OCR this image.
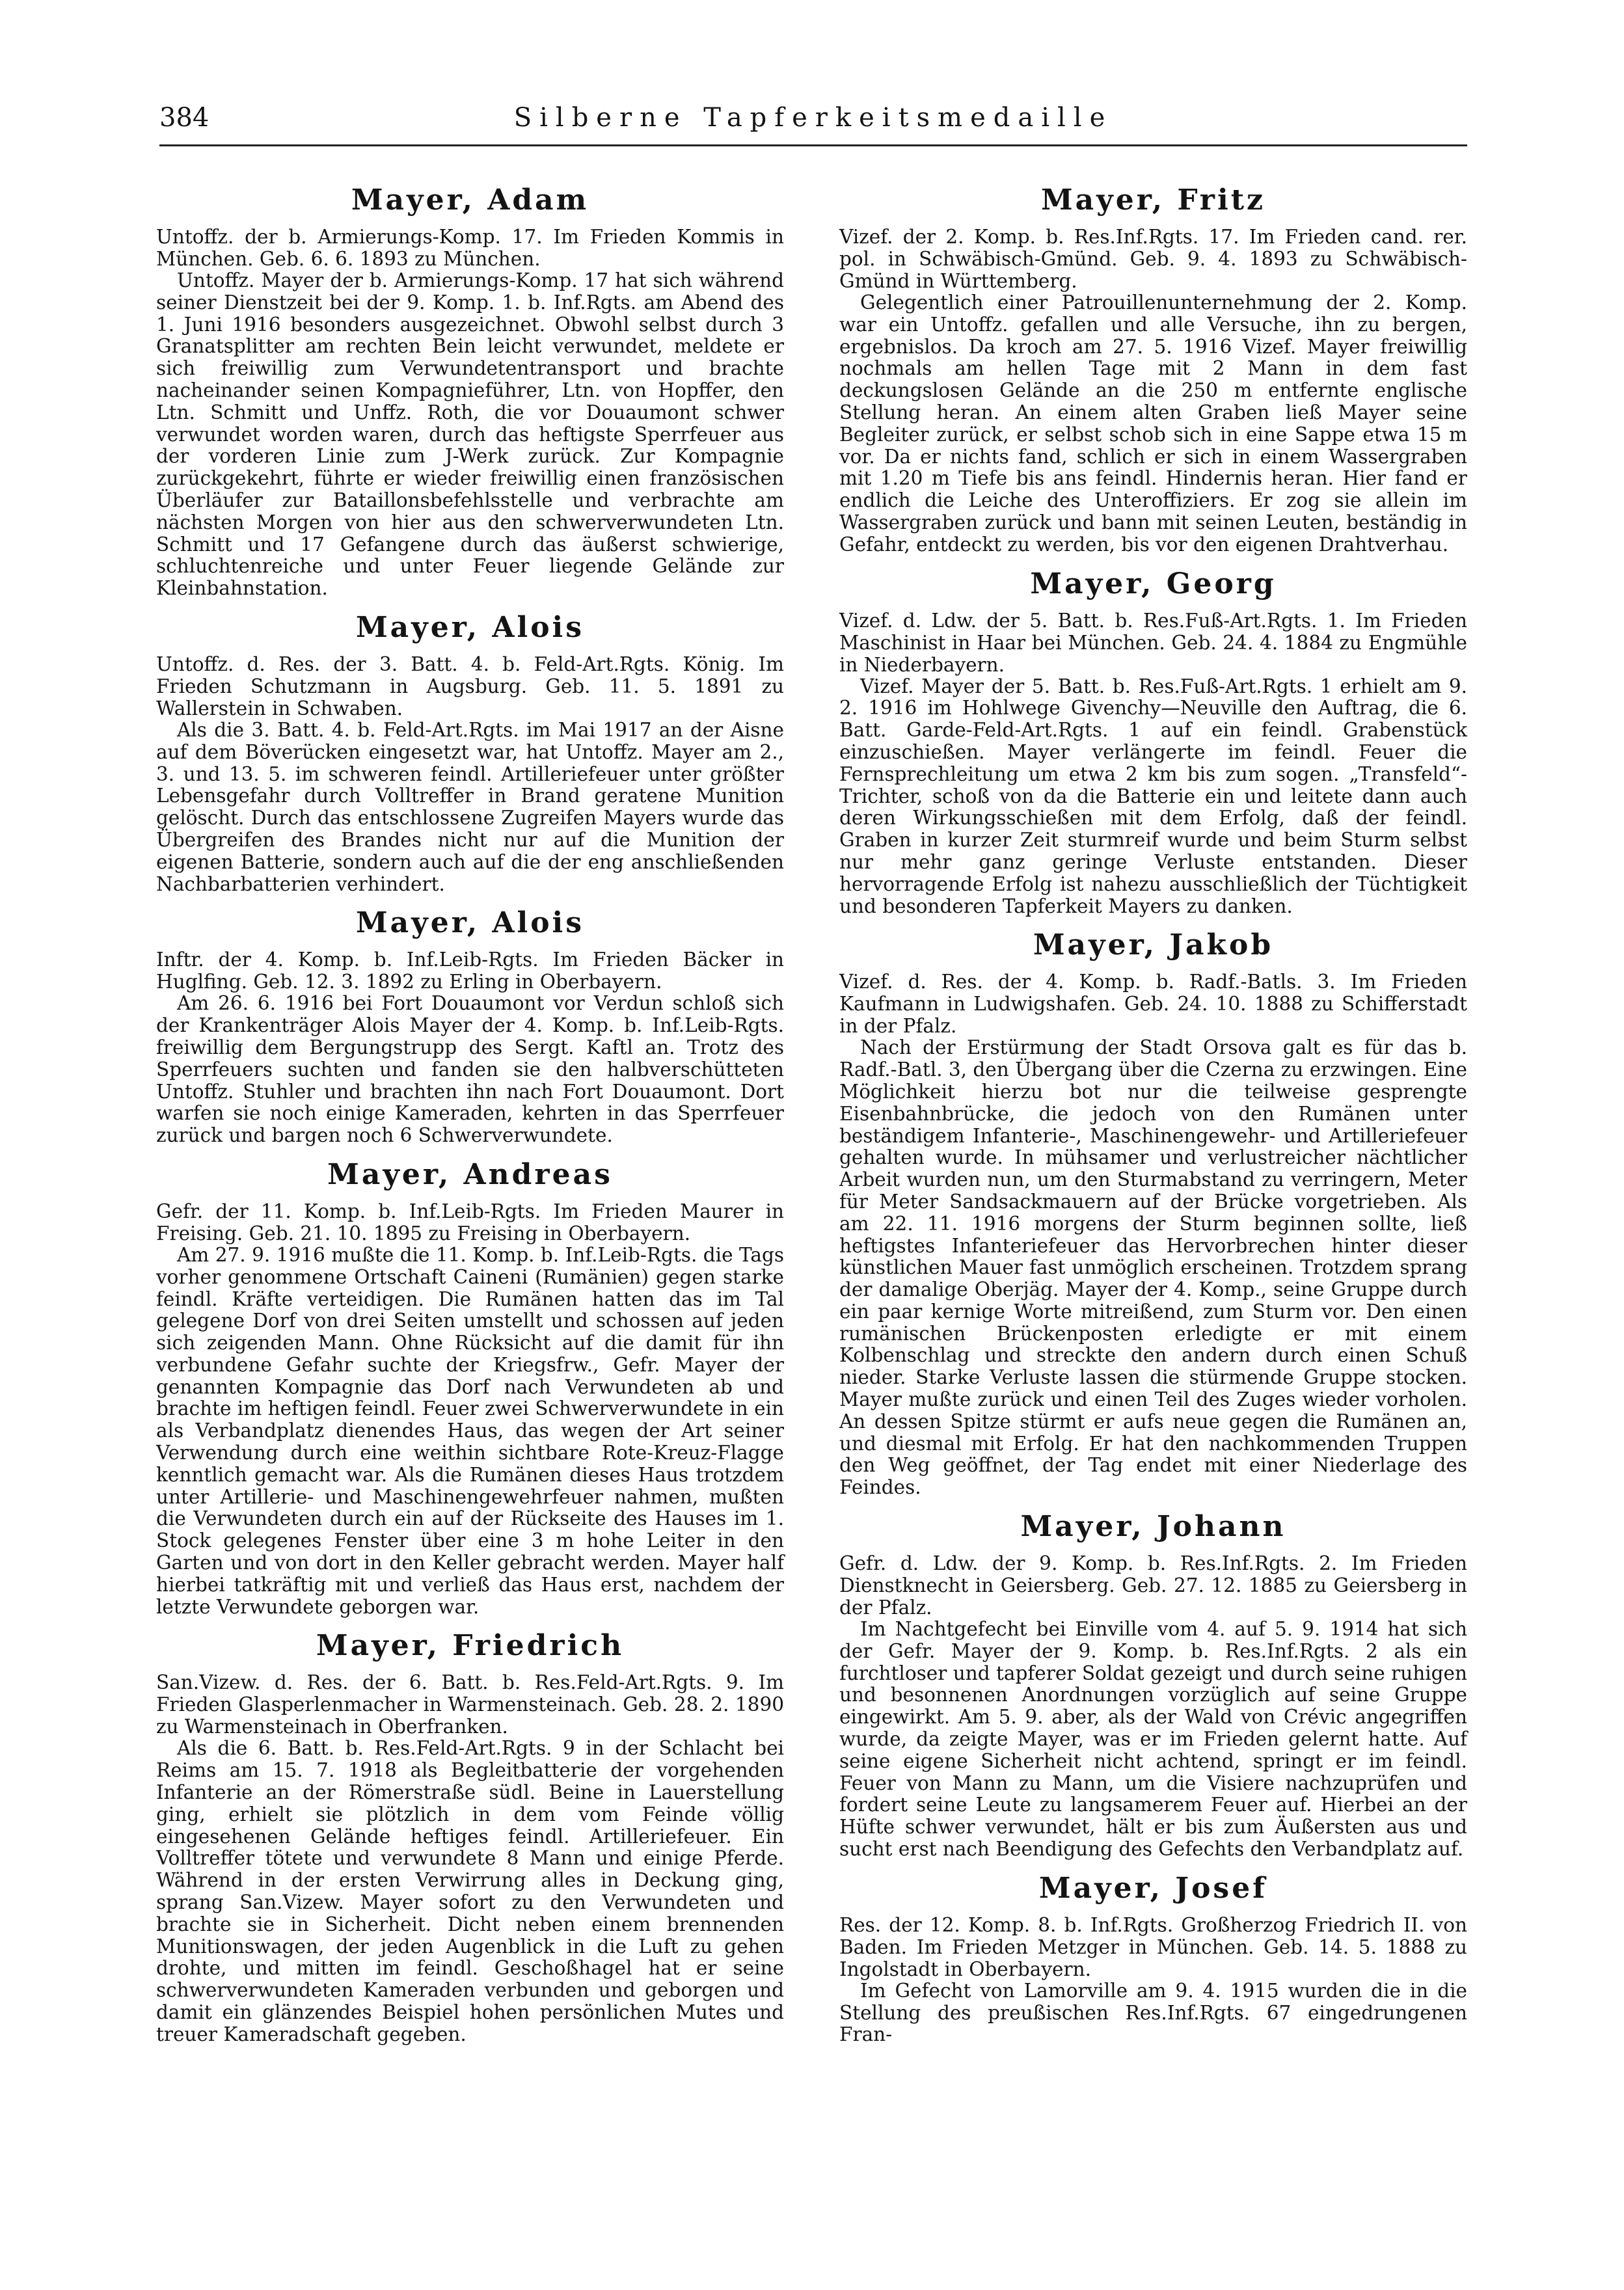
384	Silberne Tapferkeitsmedaille
Mayer, Adam

Untoffz. der b. Armierungs-Komp. 17. Im Frieden Kommis in München. Geb. 6. 6. 1893 zu München.

Untoffz. Mayer der b. Armierungs-Komp. 17 hat sich während seiner Dienstzeit bei der 9. Komp. 1. b. Inf.Rgts. am Abend des 1. Juni 1916 besonders ausgezeichnet. Obwohl selbst durch 3 Granatsplitter am rechten Bein leicht verwundet, meldete er sich freiwillig zum Verwundetentransport und brachte nacheinander seinen Kompagnieführer, Ltn. von Hopffer, den Ltn. Schmitt und Unffz. Roth, die vor Douaumont schwer verwundet worden waren, durch das heftigste Sperrfeuer aus der vorderen Linie zum J-Werk zurück. Zur Kompagnie zurückgekehrt, führte er wieder freiwillig einen französischen Überläufer zur Bataillonsbefehlsstelle und verbrachte am nächsten Morgen von hier aus den schwerverwundeten Ltn. Schmitt und 17 Gefangene durch das äußerst schwierige, schluchtenreiche und unter Feuer liegende Gelände zur Kleinbahnstation.

Mayer, Alois

Untoffz. d. Res. der 3. Batt. 4. b. Feld-Art.Rgts. König. Im Frieden Schutzmann in Augsburg. Geb. 11. 5. 1891 zu Wallerstein in Schwaben.

Als die 3. Batt. 4. b. Feld-Art.Rgts. im Mai 1917 an der Aisne auf dem Böverücken eingesetzt war, hat Untoffz. Mayer am 2., 3. und 13. 5. im schweren feindl. Artilleriefeuer unter größter Lebensgefahr durch Volltreffer in Brand geratene Munition gelöscht. Durch das entschlossene Zugreifen Mayers wurde das Übergreifen des Brandes nicht nur auf die Munition der eigenen Batterie, sondern auch auf die der eng anschließenden Nachbarbatterien verhindert.

Mayer, Alois

Inftr. der 4. Komp. b. Inf.Leib-Rgts. Im Frieden Bäcker in Huglfing. Geb. 12. 3. 1892 zu Erling in Oberbayern.

Am 26. 6. 1916 bei Fort Douaumont vor Verdun schloß sich der Krankenträger Alois Mayer der 4. Komp. b. Inf.Leib-Rgts. freiwillig dem Bergungstrupp des Sergt. Kaftl an. Trotz des Sperrfeuers suchten und fanden sie den halbverschütteten Untoffz. Stuhler und brachten ihn nach Fort Douaumont. Dort warfen sie noch einige Kameraden, kehrten in das Sperrfeuer zurück und bargen noch 6 Schwerverwundete.

Mayer, Andreas

Gefr. der 11. Komp. b. Inf.Leib-Rgts. Im Frieden Maurer in Freising. Geb. 21. 10. 1895 zu Freising in Oberbayern.

Am 27. 9. 1916 mußte die 11. Komp. b. Inf.Leib-Rgts. die Tags vorher genommene Ortschaft Caineni (Rumänien) gegen starke feindl. Kräfte verteidigen. Die Rumänen hatten das im Tal gelegene Dorf von drei Seiten umstellt und schossen auf jeden sich zeigenden Mann. Ohne Rücksicht auf die damit für ihn verbundene Gefahr suchte der Kriegsfrw., Gefr. Mayer der genannten Kompagnie das Dorf nach Verwundeten ab und brachte im heftigen feindl. Feuer zwei Schwerverwundete in ein als Verbandplatz dienendes Haus, das wegen der Art seiner Verwendung durch eine weithin sichtbare Rote-Kreuz-Flagge kenntlich gemacht war. Als die Rumänen dieses Haus trotzdem unter Artillerie- und Maschinengewehrfeuer nahmen, mußten die Verwundeten durch ein auf der Rückseite des Hauses im 1. Stock gelegenes Fenster über eine 3 m hohe Leiter in den Garten und von dort in den Keller gebracht werden. Mayer half hierbei tatkräftig mit und verließ das Haus erst, nachdem der letzte Verwundete geborgen war.

Mayer, Friedrich

San.Vizew. d. Res. der 6. Batt. b. Res.Feld-Art.Rgts. 9. Im Frieden Glasperlenmacher in Warmensteinach. Geb. 28. 2. 1890 zu Warmensteinach in Oberfranken.

Als die 6. Batt. b. Res.Feld-Art.Rgts. 9 in der Schlacht bei Reims am 15. 7. 1918 als Begleitbatterie der vorgehenden Infanterie an der Römerstraße südl. Beine in Lauerstellung ging, erhielt sie plötzlich in dem vom Feinde völlig eingesehenen Gelände heftiges feindl. Artilleriefeuer. Ein Volltreffer tötete und verwundete 8 Mann und einige Pferde. Während in der ersten Verwirrung alles in Deckung ging, sprang San.Vizew. Mayer sofort zu den Verwundeten und brachte sie in Sicherheit. Dicht neben einem brennenden Munitionswagen, der jeden Augenblick in die Luft zu gehen drohte, und mitten im feindl. Geschoßhagel hat er seine schwerverwundeten Kameraden verbunden und geborgen und damit ein glänzendes Beispiel hohen persönlichen Mutes und treuer Kameradschaft gegeben.

Mayer, Fritz

Vizef. der 2. Komp. b. Res.Inf.Rgts. 17. Im Frieden cand. rer. pol. in Schwäbisch-Gmünd. Geb. 9. 4. 1893 zu Schwäbisch-Gmünd in Württemberg.

Gelegentlich einer Patrouillenunternehmung der 2. Komp. war ein Untoffz. gefallen und alle Versuche, ihn zu bergen, ergebnislos. Da kroch am 27. 5. 1916 Vizef. Mayer freiwillig nochmals am hellen Tage mit 2 Mann in dem fast deckungslosen Gelände an die 250 m entfernte englische Stellung heran. An einem alten Graben ließ Mayer seine Begleiter zurück, er selbst schob sich in eine Sappe etwa 15 m vor. Da er nichts fand, schlich er sich in einem Wassergraben mit 1.20 m Tiefe bis ans feindl. Hindernis heran. Hier fand er endlich die Leiche des Unteroffiziers. Er zog sie allein im Wassergraben zurück und bann mit seinen Leuten, beständig in Gefahr, entdeckt zu werden, bis vor den eigenen Drahtverhau.

Mayer, Georg

Vizef. d. Ldw. der 5. Batt. b. Res.Fuß-Art.Rgts. 1. Im Frieden Maschinist in Haar bei München. Geb. 24. 4. 1884 zu Engmühle in Niederbayern.

Vizef. Mayer der 5. Batt. b. Res.Fuß-Art.Rgts. 1 erhielt am 9. 2. 1916 im Hohlwege Givenchy—Neuville den Auftrag, die 6. Batt. Garde-Feld-Art.Rgts. 1 auf ein feindl. Grabenstück einzuschießen. Mayer verlängerte im feindl. Feuer die Fernsprechleitung um etwa 2 km bis zum sogen. „Transfeld“-Trichter, schoß von da die Batterie ein und leitete dann auch deren Wirkungsschießen mit dem Erfolg, daß der feindl. Graben in kurzer Zeit sturmreif wurde und beim Sturm selbst nur mehr ganz geringe Verluste entstanden. Dieser hervorragende Erfolg ist nahezu ausschließlich der Tüchtigkeit und besonderen Tapferkeit Mayers zu danken.

Mayer, Jakob

Vizef. d. Res. der 4. Komp. b. Radf.-Batls. 3. Im Frieden Kaufmann in Ludwigshafen. Geb. 24. 10. 1888 zu Schifferstadt in der Pfalz.

Nach der Erstürmung der Stadt Orsova galt es für das b. Radf.-Batl. 3, den Übergang über die Czerna zu erzwingen. Eine Möglichkeit hierzu bot nur die teilweise gesprengte Eisenbahnbrücke, die jedoch von den Rumänen unter beständigem Infanterie-, Maschinengewehr- und Artilleriefeuer gehalten wurde. In mühsamer und verlustreicher nächtlicher Arbeit wurden nun, um den Sturmabstand zu verringern, Meter für Meter Sandsackmauern auf der Brücke vorgetrieben. Als am 22. 11. 1916 morgens der Sturm beginnen sollte, ließ heftigstes Infanteriefeuer das Hervorbrechen hinter dieser künstlichen Mauer fast unmöglich erscheinen. Trotzdem sprang der damalige Oberjäg. Mayer der 4. Komp., seine Gruppe durch ein paar kernige Worte mitreißend, zum Sturm vor. Den einen rumänischen Brückenposten erledigte er mit einem Kolbenschlag und streckte den andern durch einen Schuß nieder. Starke Verluste lassen die stürmende Gruppe stocken. Mayer mußte zurück und einen Teil des Zuges wieder vorholen. An dessen Spitze stürmt er aufs neue gegen die Rumänen an, und diesmal mit Erfolg. Er hat den nachkommenden Truppen den Weg geöffnet, der Tag endet mit einer Niederlage des Feindes.

Mayer, Johann

Gefr. d. Ldw. der 9. Komp. b. Res.Inf.Rgts. 2. Im Frieden Dienstknecht in Geiersberg. Geb. 27. 12. 1885 zu Geiersberg in der Pfalz.

Im Nachtgefecht bei Einville vom 4. auf 5. 9. 1914 hat sich der Gefr. Mayer der 9. Komp. b. Res.Inf.Rgts. 2 als ein furchtloser und tapferer Soldat gezeigt und durch seine ruhigen und besonnenen Anordnungen vorzüglich auf seine Gruppe eingewirkt. Am 5. 9. aber, als der Wald von Crévic angegriffen wurde, da zeigte Mayer, was er im Frieden gelernt hatte. Auf seine eigene Sicherheit nicht achtend, springt er im feindl. Feuer von Mann zu Mann, um die Visiere nachzuprüfen und fordert seine Leute zu langsamerem Feuer auf. Hierbei an der Hüfte schwer verwundet, hält er bis zum Äußersten aus und sucht erst nach Beendigung des Gefechts den Verbandplatz auf.

Mayer, Josef

Res. der 12. Komp. 8. b. Inf.Rgts. Großherzog Friedrich II. von Baden. Im Frieden Metzger in München. Geb. 14. 5. 1888 zu Ingolstadt in Oberbayern.

Im Gefecht von Lamorville am 9. 4. 1915 wurden die in die Stellung des preußischen Res.Inf.Rgts. 67 eingedrungenen Fran-
